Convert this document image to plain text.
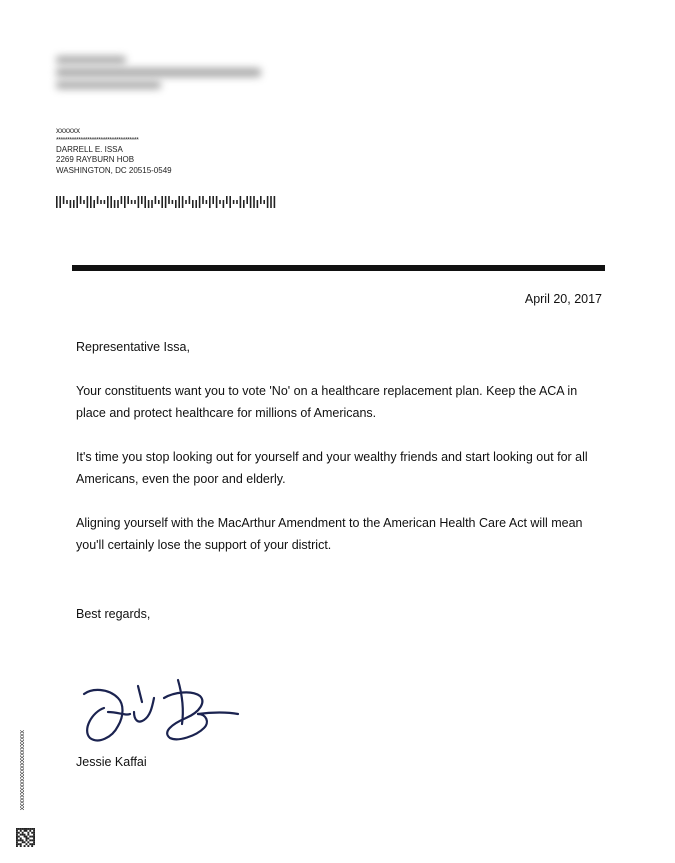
xxxxxx
*************************************
DARRELL E. ISSA
2269 RAYBURN HOB
WASHINGTON, DC 20515-0549
April 20, 2017

Representative Issa,

Your constituents want you to vote 'No' on a healthcare replacement plan. Keep the ACA in place and protect healthcare for millions of Americans.

It's time you stop looking out for yourself and your wealthy friends and start looking out for all Americans, even the poor and elderly.

Aligning yourself with the MacArthur Amendment to the American Health Care Act will mean you'll certainly lose the support of your district.

Best regards,
Jessie Kaffai
xxxxxxxxxxxxxxxxxxxxxxxxx
